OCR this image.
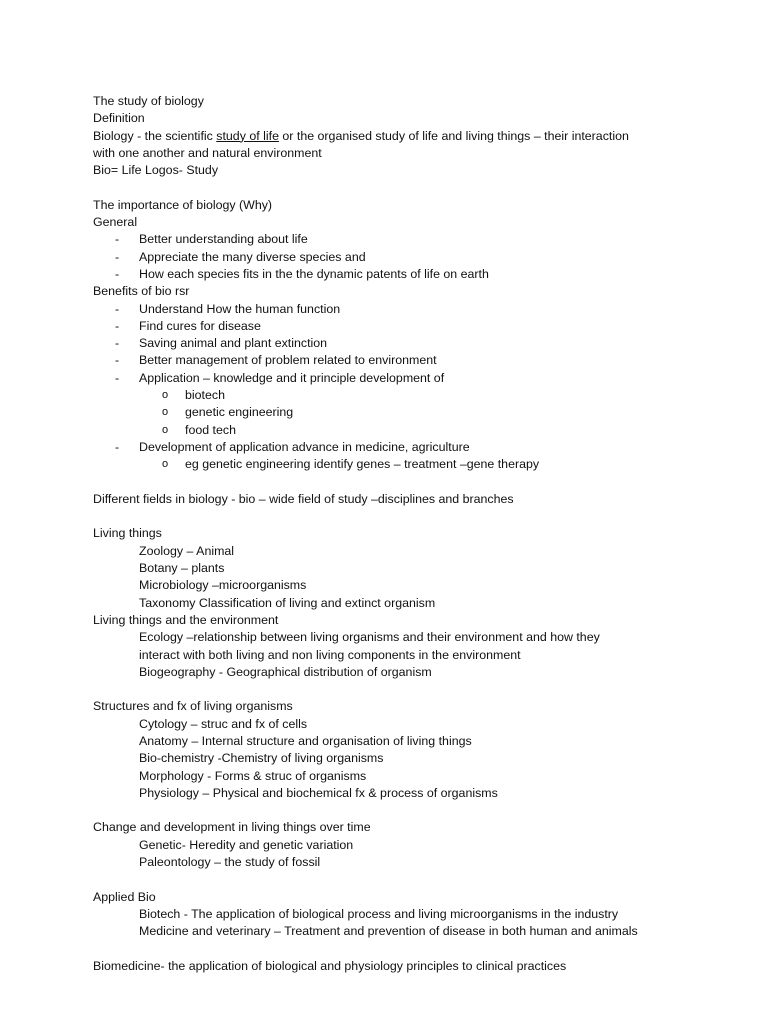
The study of biology
Definition
Biology - the scientific study of life or the organised study of life and living things – their interaction
with one another and natural environment
Bio= Life Logos- Study
The importance of biology (Why)
General
- Better understanding about life
- Appreciate the many diverse species and
- How each species fits in the the dynamic patents of life on earth
Benefits of bio rsr
- Understand How the human function
- Find cures for disease
- Saving animal and plant extinction
- Better management of problem related to environment
- Application – knowledge and it principle development of
o biotech
o genetic engineering
o food tech
- Development of application advance in medicine, agriculture
o eg genetic engineering identify genes – treatment –gene therapy
Different fields in biology - bio – wide field of study –disciplines and branches
Living things
Zoology – Animal
Botany – plants
Microbiology –microorganisms
Taxonomy Classification of living and extinct organism
Living things and the environment
Ecology –relationship between living organisms and their environment and how they
interact with both living and non living components in the environment
Biogeography - Geographical distribution of organism
Structures and fx of living organisms
Cytology – struc and fx of cells
Anatomy – Internal structure and organisation of living things
Bio-chemistry -Chemistry of living organisms
Morphology - Forms & struc of organisms
Physiology – Physical and biochemical fx & process of organisms
Change and development in living things over time
Genetic- Heredity and genetic variation
Paleontology – the study of fossil
Applied Bio
Biotech - The application of biological process and living microorganisms in the industry
Medicine and veterinary – Treatment and prevention of disease in both human and animals
Biomedicine- the application of biological and physiology principles to clinical practices
